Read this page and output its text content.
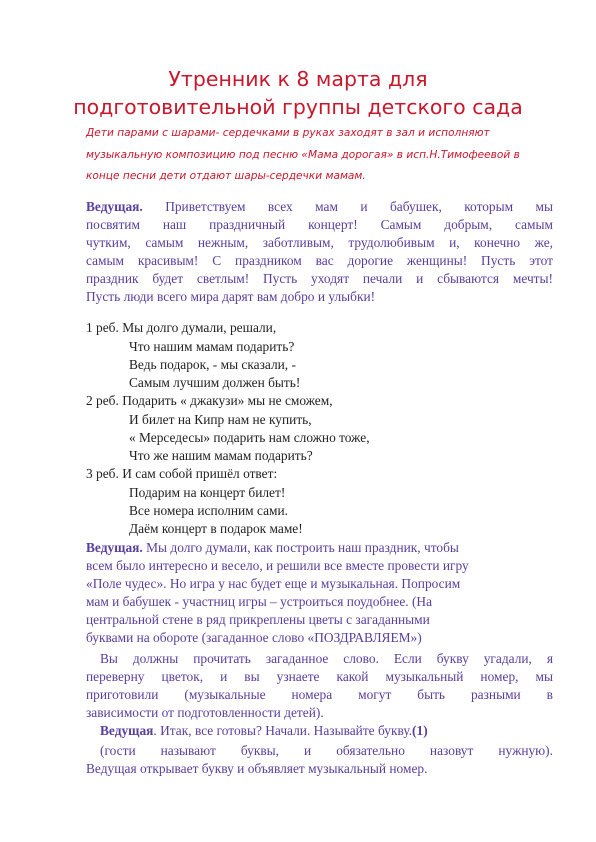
Утренник к 8 марта для
подготовительной группы детского сада
Дети парами с шарами- сердечками в руках заходят в зал и исполняют
музыкальную композицию под песню «Мама дорогая» в исп.Н.Тимофеевой в
конце песни дети отдают шары-сердечки мамам.
Ведущая. Приветствуем всех мам и бабушек, которым мы
посвятим наш праздничный концерт! Самым добрым, самым
чутким, самым нежным, заботливым, трудолюбивым и, конечно же,
самым красивым! С праздником вас дорогие женщины! Пусть этот
праздник будет светлым! Пусть уходят печали и сбываются мечты!
Пусть люди всего мира дарят вам добро и улыбки!
1 реб. Мы долго думали, решали,
Что нашим мамам подарить?
Ведь подарок, - мы сказали, -
Самым лучшим должен быть!
2 реб. Подарить « джакузи» мы не сможем,
И билет на Кипр нам не купить,
« Мерседесы» подарить нам сложно тоже,
Что же нашим мамам подарить?
3 реб. И сам собой пришёл ответ:
Подарим на концерт билет!
Все номера исполним сами.
Даём концерт в подарок маме!
Ведущая. Мы долго думали, как построить наш праздник, чтобы
всем было интересно и весело, и решили все вместе провести игру
«Поле чудес». Но игра у нас будет еще и музыкальная. Попросим
мам и бабушек - участниц игры – устроиться поудобнее. (На
центральной стене в ряд прикреплены цветы с загаданными
буквами на обороте (загаданное слово «ПОЗДРАВЛЯЕМ»)
Вы должны прочитать загаданное слово. Если букву угадали, я
переверну цветок, и вы узнаете какой музыкальный номер, мы
приготовили (музыкальные номера могут быть разными в
зависимости от подготовленности детей).
Ведущая. Итак, все готовы? Начали. Называйте букву.(1)
(гости называют буквы, и обязательно назовут нужную).
Ведущая открывает букву и объявляет музыкальный номер.
